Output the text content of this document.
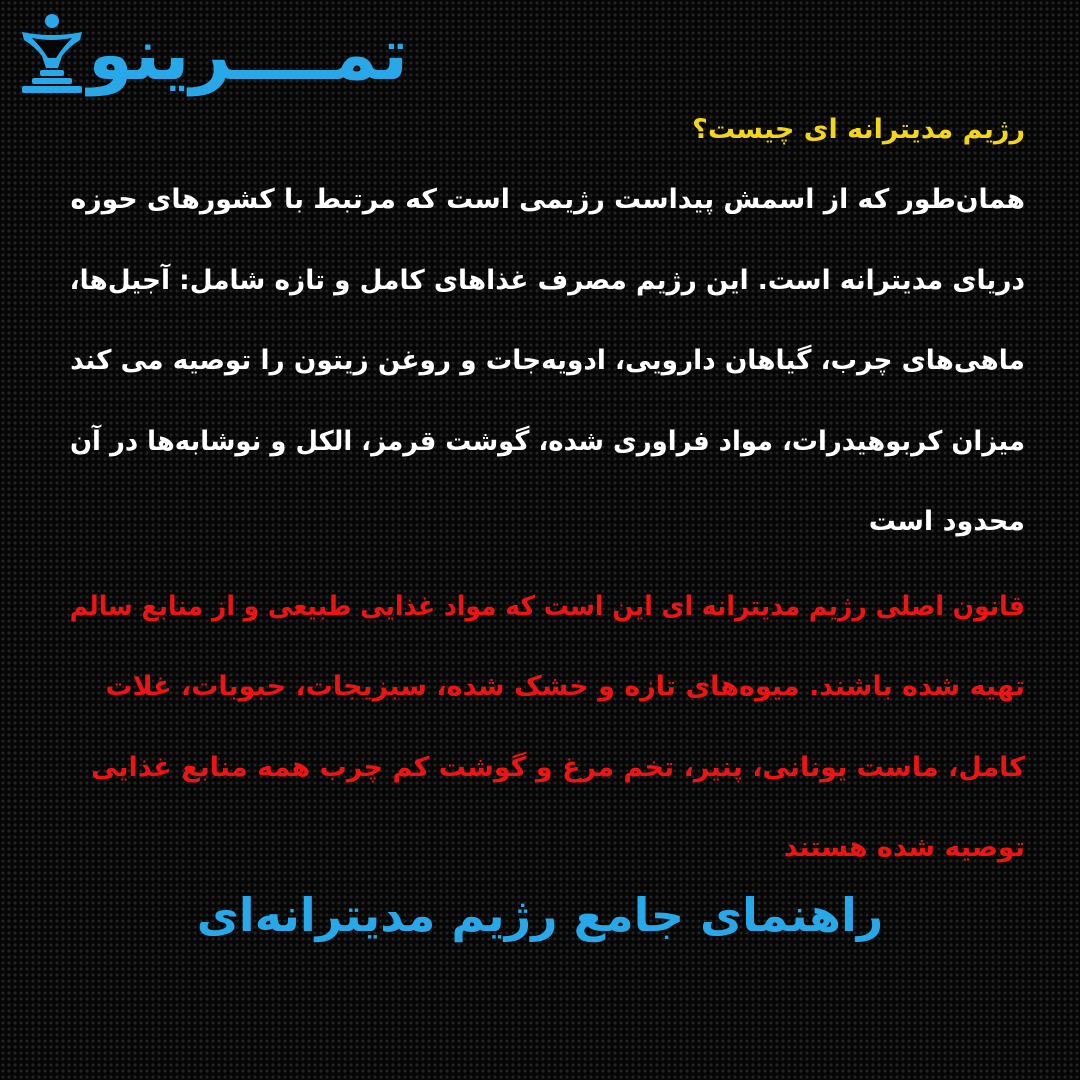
تمــــرینو
رژیم مدیترانه ای چیست؟
همان‌طور که از اسمش پیداست رژیمی است که مرتبط با کشورهای حوزه
دریای مدیترانه است. این رژیم مصرف غذاهای کامل و تازه شامل: آجیل‌ها،
ماهی‌های چرب، گیاهان دارویی، ادویه‌جات و روغن زیتون را توصیه می کند
میزان کربوهیدرات، مواد فراوری شده، گوشت قرمز، الکل و نوشابه‌ها در آن
محدود است
قانون اصلی رژیم مدیترانه ای این است که مواد غذایی طبیعی و از منابع سالم
تهیه شده باشند. میوه‌های تازه و خشک شده، سبزیجات، حبوبات، غلات
کامل، ماست یونانی، پنیر، تخم مرغ و گوشت کم چرب همه منابع غذایی
توصیه شده هستند
راهنمای جامع رژیم مدیترانه‌ای
